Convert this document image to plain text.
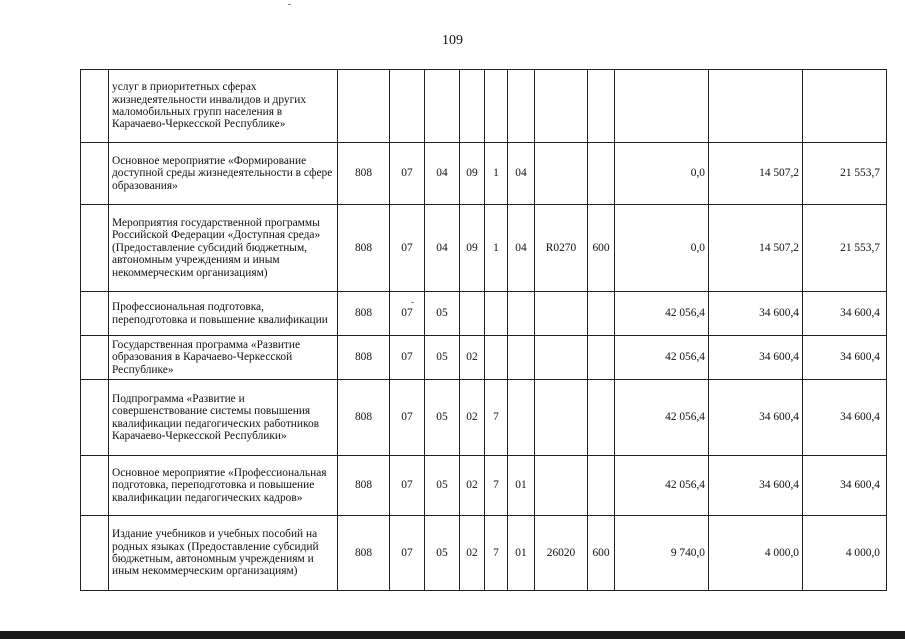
109
	услуг в приоритетных сферах жизнедеятельности инвалидов и других маломобильных групп населения в Карачаево-Черкесской Республике»											
	Основное мероприятие «Формирование доступной среды жизнедеятельности в сфере образования»	808	07	04	09	1	04			0,0	14 507,2	21 553,7
	Мероприятия государственной программы Российской Федерации «Доступная среда» (Предоставление субсидий бюджетным, автономным учреждениям и иным некоммерческим организациям)	808	07	04	09	1	04	R0270	600	0,0	14 507,2	21 553,7
	Профессиональная подготовка, переподготовка и повышение квалификации	808	07	05						42 056,4	34 600,4	34 600,4
	Государственная программа «Развитие образования в Карачаево-Черкесской Республике»	808	07	05	02					42 056,4	34 600,4	34 600,4
	Подпрограмма «Развитие и совершенствование системы повышения квалификации педагогических работников Карачаево-Черкесской Республики»	808	07	05	02	7				42 056,4	34 600,4	34 600,4
	Основное мероприятие «Профессиональная подготовка, переподготовка и повышение квалификации педагогических кадров»	808	07	05	02	7	01			42 056,4	34 600,4	34 600,4
	Издание учебников и учебных пособий на родных языках (Предоставление субсидий бюджетным, автономным учреждениям и иным некоммерческим организациям)	808	07	05	02	7	01	26020	600	9 740,0	4 000,0	4 000,0
